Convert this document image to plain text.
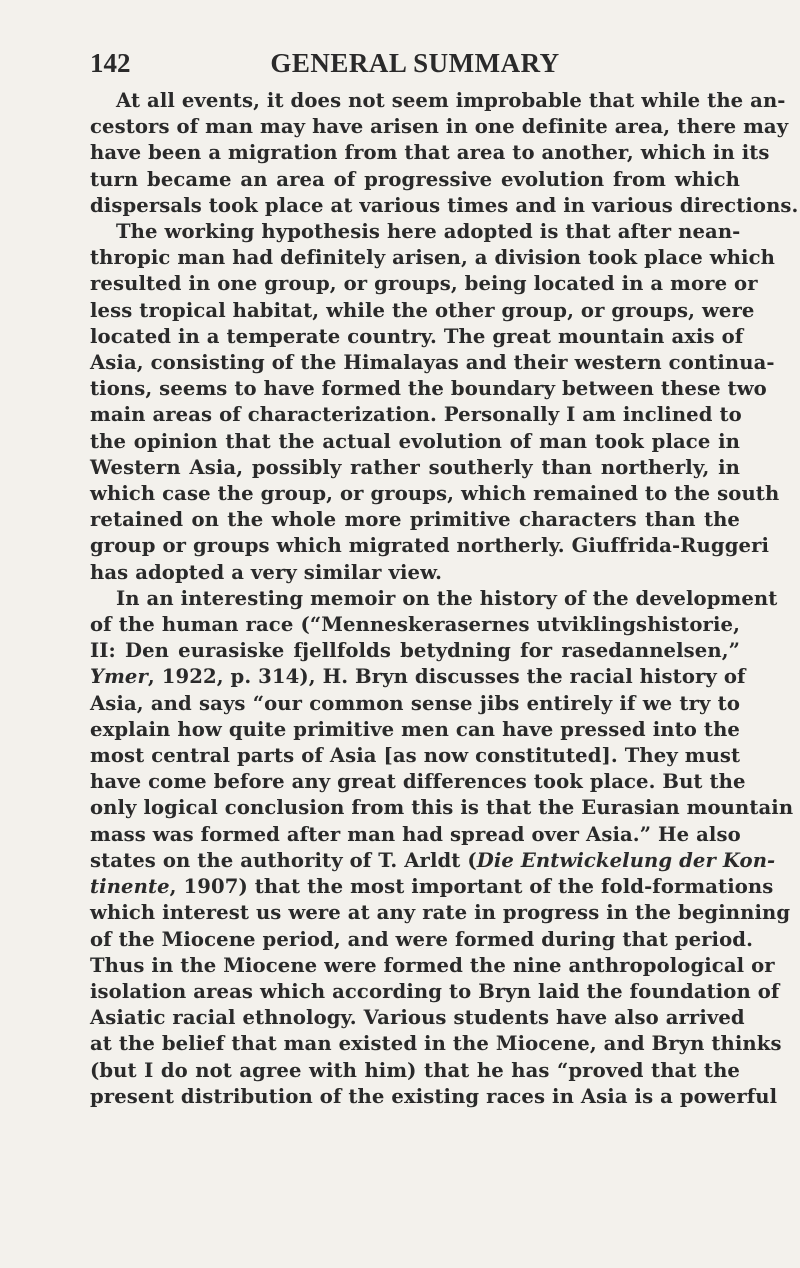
142	GENERAL SUMMARY
At all events, it does not seem improbable that while the an-
cestors of man may have arisen in one definite area, there may
have been a migration from that area to another, which in its
turn became an area of progressive evolution from which
dispersals took place at various times and in various directions.
The working hypothesis here adopted is that after nean-
thropic man had definitely arisen, a division took place which
resulted in one group, or groups, being located in a more or
less tropical habitat, while the other group, or groups, were
located in a temperate country. The great mountain axis of
Asia, consisting of the Himalayas and their western continua-
tions, seems to have formed the boundary between these two
main areas of characterization. Personally I am inclined to
the opinion that the actual evolution of man took place in
Western Asia, possibly rather southerly than northerly, in
which case the group, or groups, which remained to the south
retained on the whole more primitive characters than the
group or groups which migrated northerly. Giuffrida-Ruggeri
has adopted a very similar view.
In an interesting memoir on the history of the development
of the human race (“Menneskerasernes utviklingshistorie,
II: Den eurasiske fjellfolds betydning for rasedannelsen,”
Ymer, 1922, p. 314), H. Bryn discusses the racial history of
Asia, and says “our common sense jibs entirely if we try to
explain how quite primitive men can have pressed into the
most central parts of Asia [as now constituted]. They must
have come before any great differences took place. But the
only logical conclusion from this is that the Eurasian mountain
mass was formed after man had spread over Asia.” He also
states on the authority of T. Arldt (Die Entwickelung der Kon-
tinente, 1907) that the most important of the fold-formations
which interest us were at any rate in progress in the beginning
of the Miocene period, and were formed during that period.
Thus in the Miocene were formed the nine anthropological or
isolation areas which according to Bryn laid the foundation of
Asiatic racial ethnology. Various students have also arrived
at the belief that man existed in the Miocene, and Bryn thinks
(but I do not agree with him) that he has “proved that the
present distribution of the existing races in Asia is a powerful
